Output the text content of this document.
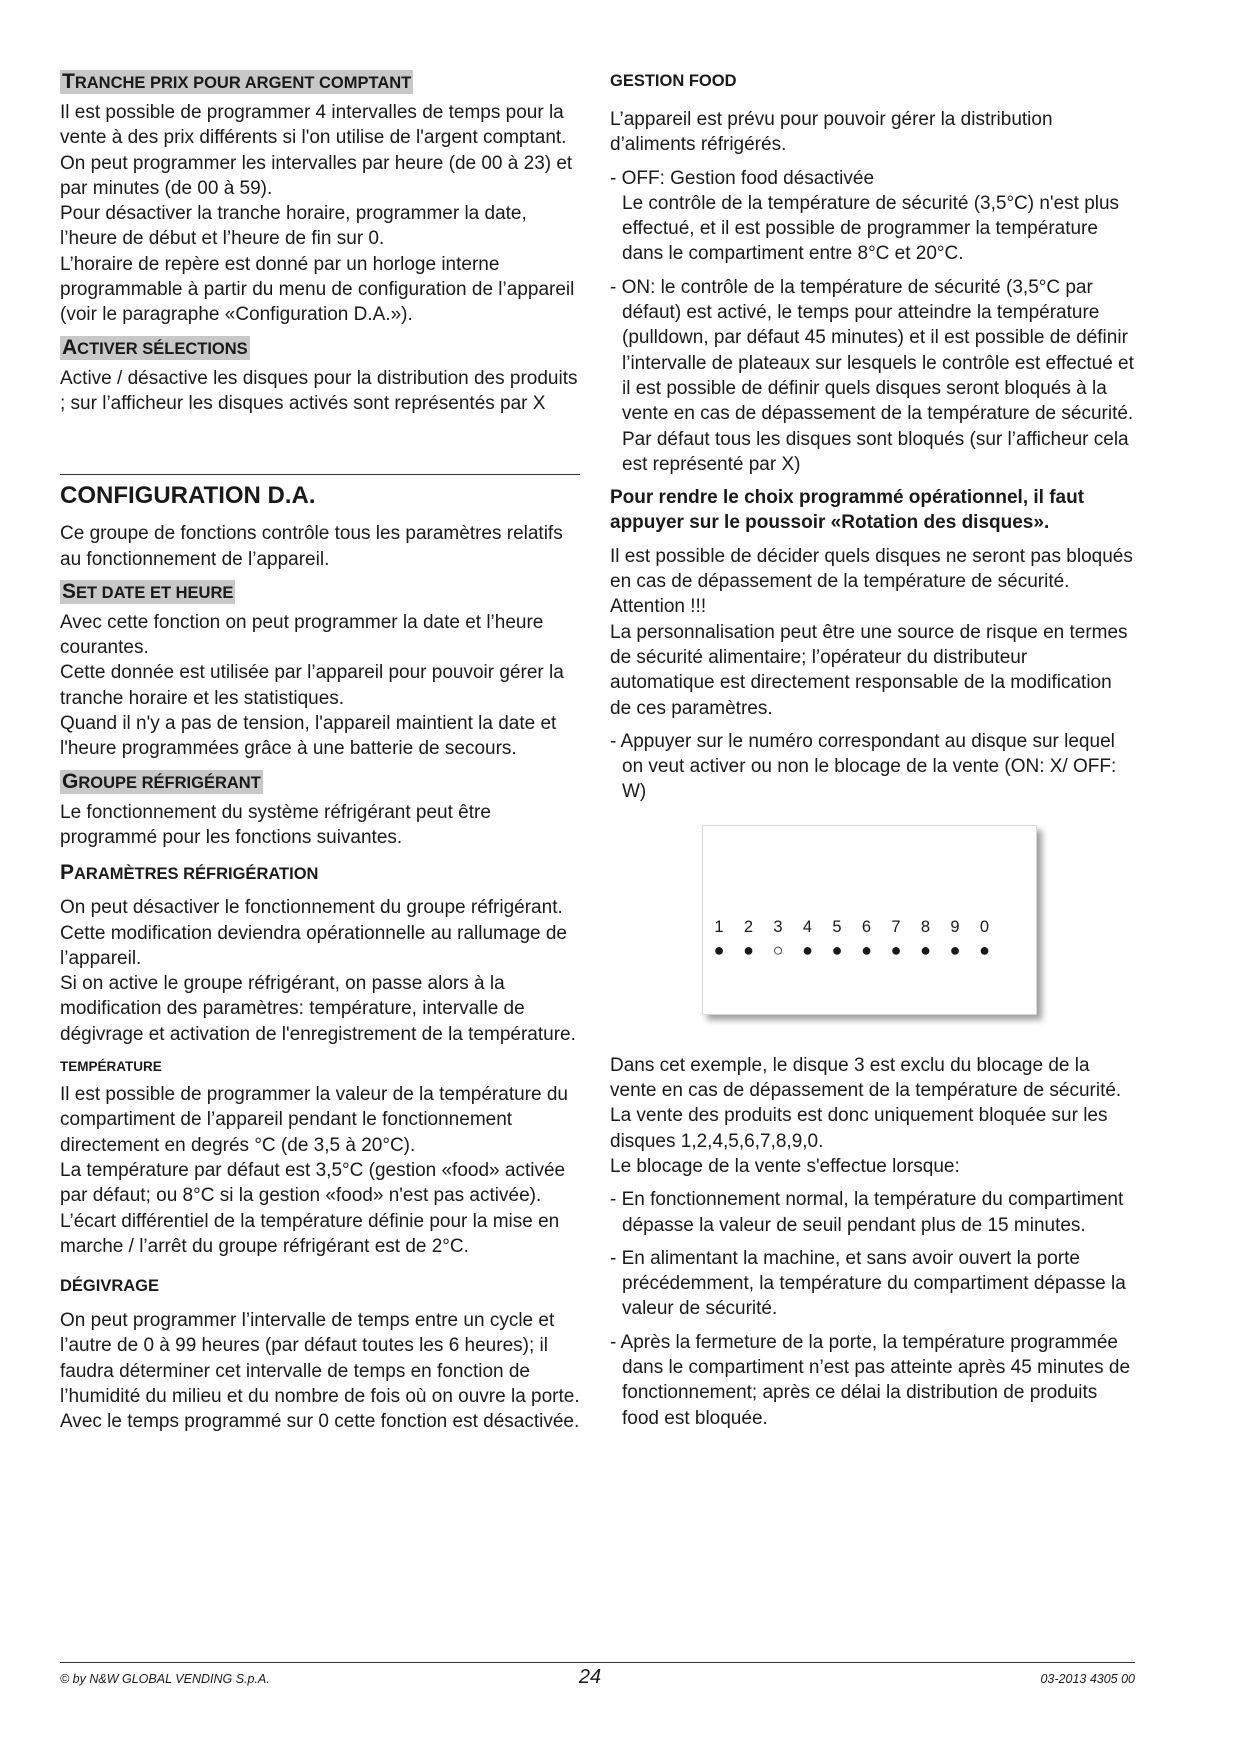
TRANCHE PRIX POUR ARGENT COMPTANT

Il est possible de programmer 4 intervalles de temps pour la vente à des prix différents si l'on utilise de l'argent comptant.

On peut programmer les intervalles par heure (de 00 à 23) et par minutes (de 00 à 59).

Pour désactiver la tranche horaire, programmer la date, l’heure de début et l’heure de fin sur 0.

L’horaire de repère est donné par un horloge interne programmable à partir du menu de configuration de l’appareil (voir le paragraphe «Configuration D.A.»).

ACTIVER SÉLECTIONS

Active / désactive les disques pour la distribution des produits ; sur l’afficheur les disques activés sont représentés par X

CONFIGURATION D.A.

Ce groupe de fonctions contrôle tous les paramètres relatifs au fonctionnement de l’appareil.

SET DATE ET HEURE

Avec cette fonction on peut programmer la date et l’heure courantes.

Cette donnée est utilisée par l’appareil pour pouvoir gérer la tranche horaire et les statistiques.

Quand il n'y a pas de tension, l'appareil maintient la date et l'heure programmées grâce à une batterie de secours.

GROUPE RÉFRIGÉRANT

Le fonctionnement du système réfrigérant peut être programmé pour les fonctions suivantes.

PARAMÈTRES RÉFRIGÉRATION

On peut désactiver le fonctionnement du groupe réfrigérant. Cette modification deviendra opérationnelle au rallumage de l’appareil.

Si on active le groupe réfrigérant, on passe alors à la modification des paramètres: température, intervalle de dégivrage et activation de l'enregistrement de la température.

TEMPÉRATURE

Il est possible de programmer la valeur de la température du compartiment de l’appareil pendant le fonctionnement directement en degrés °C (de 3,5 à 20°C).

La température par défaut est 3,5°C (gestion «food» activée par défaut; ou 8°C si la gestion «food» n'est pas activée).

L’écart différentiel de la température définie pour la mise en marche / l’arrêt du groupe réfrigérant est de 2°C.

DÉGIVRAGE

On peut programmer l’intervalle de temps entre un cycle et l’autre de 0 à 99 heures (par défaut toutes les 6 heures); il faudra déterminer cet intervalle de temps en fonction de l’humidité du milieu et du nombre de fois où on ouvre la porte.

Avec le temps programmé sur 0 cette fonction est désactivée.

GESTION FOOD

L’appareil est prévu pour pouvoir gérer la distribution d’aliments réfrigérés.

- OFF: Gestion food désactivée

Le contrôle de la température de sécurité (3,5°C) n'est plus effectué, et il est possible de programmer la température dans le compartiment entre 8°C et 20°C.

- ON: le contrôle de la température de sécurité (3,5°C par défaut) est activé, le temps pour atteindre la température (pulldown, par défaut 45 minutes) et il est possible de définir l’intervalle de plateaux sur lesquels le contrôle est effectué et il est possible de définir quels disques seront bloqués à la vente en cas de dépassement de la température de sécurité.

Par défaut tous les disques sont bloqués (sur l’afficheur cela est représenté par X)

Pour rendre le choix programmé opérationnel, il faut appuyer sur le poussoir «Rotation des disques».

Il est possible de décider quels disques ne seront pas bloqués en cas de dépassement de la température de sécurité.

Attention !!!

La personnalisation peut être une source de risque en termes de sécurité alimentaire; l’opérateur du distributeur automatique est directement responsable de la modification de ces paramètres.

- Appuyer sur le numéro correspondant au disque sur lequel on veut activer ou non le blocage de la vente (ON: X/ OFF: W)

1
●
2
●
3
○
4
●
5
●
6
●
7
●
8
●
9
●
0
●

Dans cet exemple, le disque 3 est exclu du blocage de la vente en cas de dépassement de la température de sécurité.

La vente des produits est donc uniquement bloquée sur les disques 1,2,4,5,6,7,8,9,0.

Le blocage de la vente s'effectue lorsque:

- En fonctionnement normal, la température du compartiment dépasse la valeur de seuil pendant plus de 15 minutes.

- En alimentant la machine, et sans avoir ouvert la porte précédemment, la température du compartiment dépasse la valeur de sécurité.

- Après la fermeture de la porte, la température programmée dans le compartiment n’est pas atteinte après 45 minutes de fonctionnement; après ce délai la distribution de produits food est bloquée.

© by N&W GLOBAL VENDING S.p.A.	24	03-2013 4305 00
